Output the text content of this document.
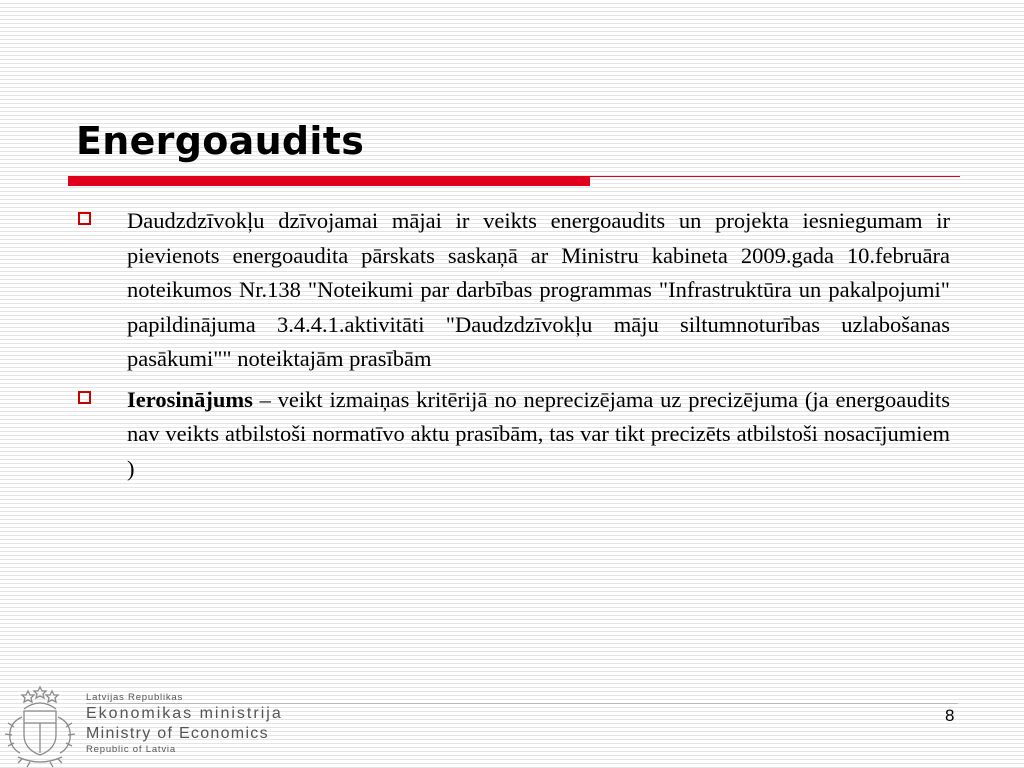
Energoaudits
Daudzdzīvokļu dzīvojamai mājai ir veikts energoaudits un projekta iesniegumam ir pievienots energoaudita pārskats saskaņā ar Ministru kabineta 2009.gada 10.februāra noteikumos Nr.138 "Noteikumi par darbības programmas "Infrastruktūra un pakalpojumi" papildinājuma 3.4.4.1.aktivitāti "Daudzdzīvokļu māju siltumnoturības uzlabošanas pasākumi"" noteiktajām prasībām
Ierosinājums – veikt izmaiņas kritērijā no neprecizējama uz precizējuma (ja energoaudits nav veikts atbilstoši normatīvo aktu prasībām, tas var tikt precizēts atbilstoši nosacījumiem )
Latvijas Republikas
Ekonomikas ministrija
Ministry of Economics
Republic of Latvia
8
